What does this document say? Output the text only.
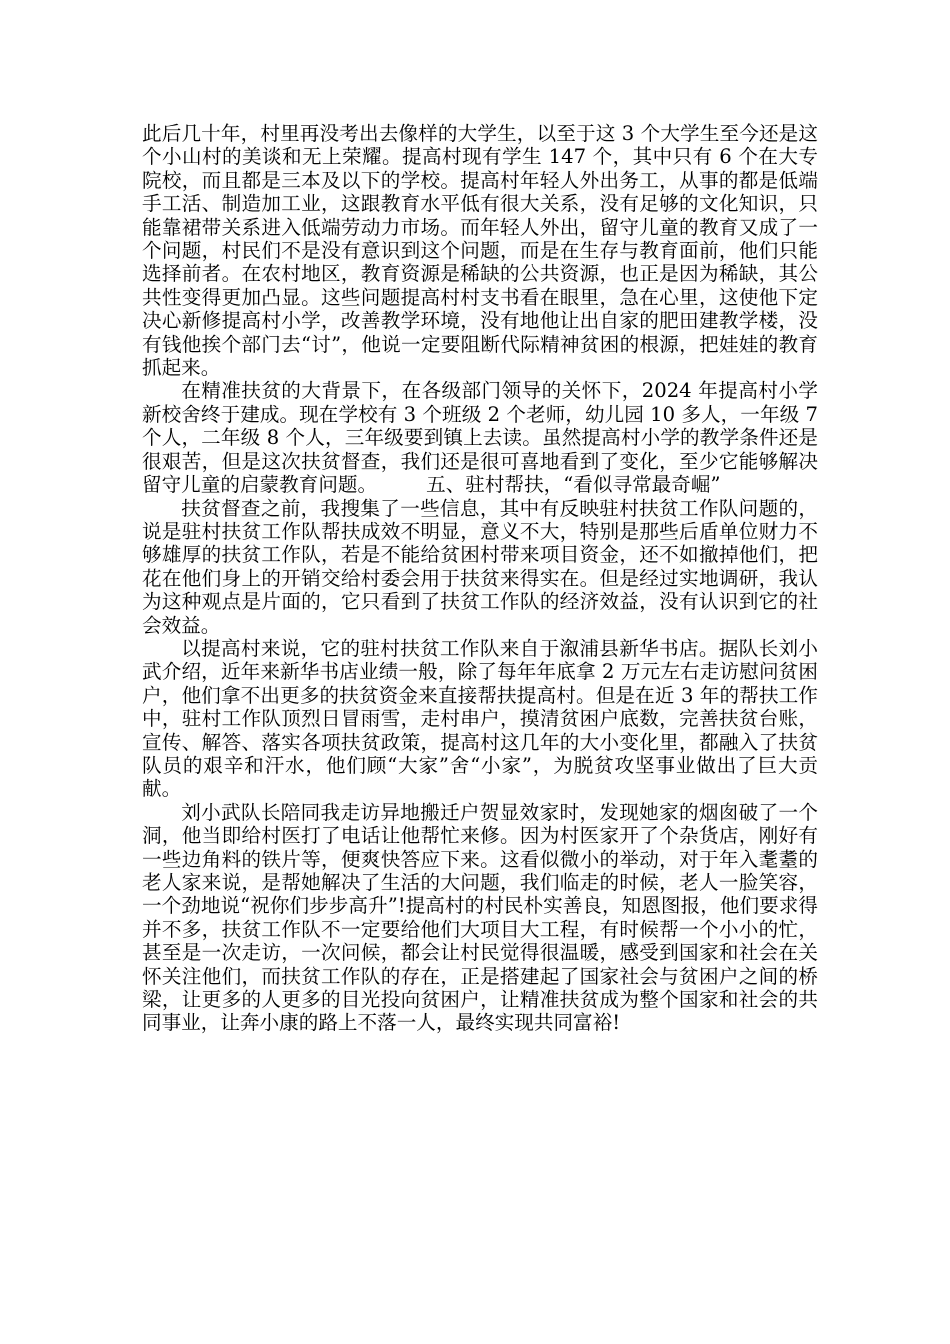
此后几十年，村里再没考出去像样的大学生，以至于这 3 个大学生至今还是这个小山村的美谈和无上荣耀。提高村现有学生 147 个，其中只有 6 个在大专院校，而且都是三本及以下的学校。提高村年轻人外出务工，从事的都是低端手工活、制造加工业，这跟教育水平低有很大关系，没有足够的文化知识，只能靠裙带关系进入低端劳动力市场。而年轻人外出，留守儿童的教育又成了一个问题，村民们不是没有意识到这个问题，而是在生存与教育面前，他们只能选择前者。在农村地区，教育资源是稀缺的公共资源，也正是因为稀缺，其公共性变得更加凸显。这些问题提高村村支书看在眼里，急在心里，这使他下定决心新修提高村小学，改善教学环境，没有地他让出自家的肥田建教学楼，没有钱他挨个部门去“讨”，他说一定要阻断代际精神贫困的根源，把娃娃的教育抓起来。

在精准扶贫的大背景下，在各级部门领导的关怀下，2024 年提高村小学新校舍终于建成。现在学校有 3 个班级 2 个老师，幼儿园 10 多人，一年级 7 个人，二年级 8 个人，三年级要到镇上去读。虽然提高村小学的教学条件还是很艰苦，但是这次扶贫督查，我们还是很可喜地看到了变化，至少它能够解决留守儿童的启蒙教育问题。	五、驻村帮扶，“看似寻常最奇崛”

扶贫督查之前，我搜集了一些信息，其中有反映驻村扶贫工作队问题的，说是驻村扶贫工作队帮扶成效不明显，意义不大，特别是那些后盾单位财力不够雄厚的扶贫工作队，若是不能给贫困村带来项目资金，还不如撤掉他们，把花在他们身上的开销交给村委会用于扶贫来得实在。但是经过实地调研，我认为这种观点是片面的，它只看到了扶贫工作队的经济效益，没有认识到它的社会效益。

以提高村来说，它的驻村扶贫工作队来自于溆浦县新华书店。据队长刘小武介绍，近年来新华书店业绩一般，除了每年年底拿 2 万元左右走访慰问贫困户，他们拿不出更多的扶贫资金来直接帮扶提高村。但是在近 3 年的帮扶工作中，驻村工作队顶烈日冒雨雪，走村串户，摸清贫困户底数，完善扶贫台账，宣传、解答、落实各项扶贫政策，提高村这几年的大小变化里，都融入了扶贫队员的艰辛和汗水，他们顾“大家”舍“小家”，为脱贫攻坚事业做出了巨大贡献。

刘小武队长陪同我走访异地搬迁户贺显效家时，发现她家的烟囱破了一个洞，他当即给村医打了电话让他帮忙来修。因为村医家开了个杂货店，刚好有一些边角料的铁片等，便爽快答应下来。这看似微小的举动，对于年入耄耋的老人家来说，是帮她解决了生活的大问题，我们临走的时候，老人一脸笑容，一个劲地说“祝你们步步高升”!提高村的村民朴实善良，知恩图报，他们要求得并不多，扶贫工作队不一定要给他们大项目大工程，有时候帮一个小小的忙，甚至是一次走访，一次问候，都会让村民觉得很温暖，感受到国家和社会在关怀关注他们，而扶贫工作队的存在，正是搭建起了国家社会与贫困户之间的桥梁，让更多的人更多的目光投向贫困户，让精准扶贫成为整个国家和社会的共同事业，让奔小康的路上不落一人，最终实现共同富裕!
